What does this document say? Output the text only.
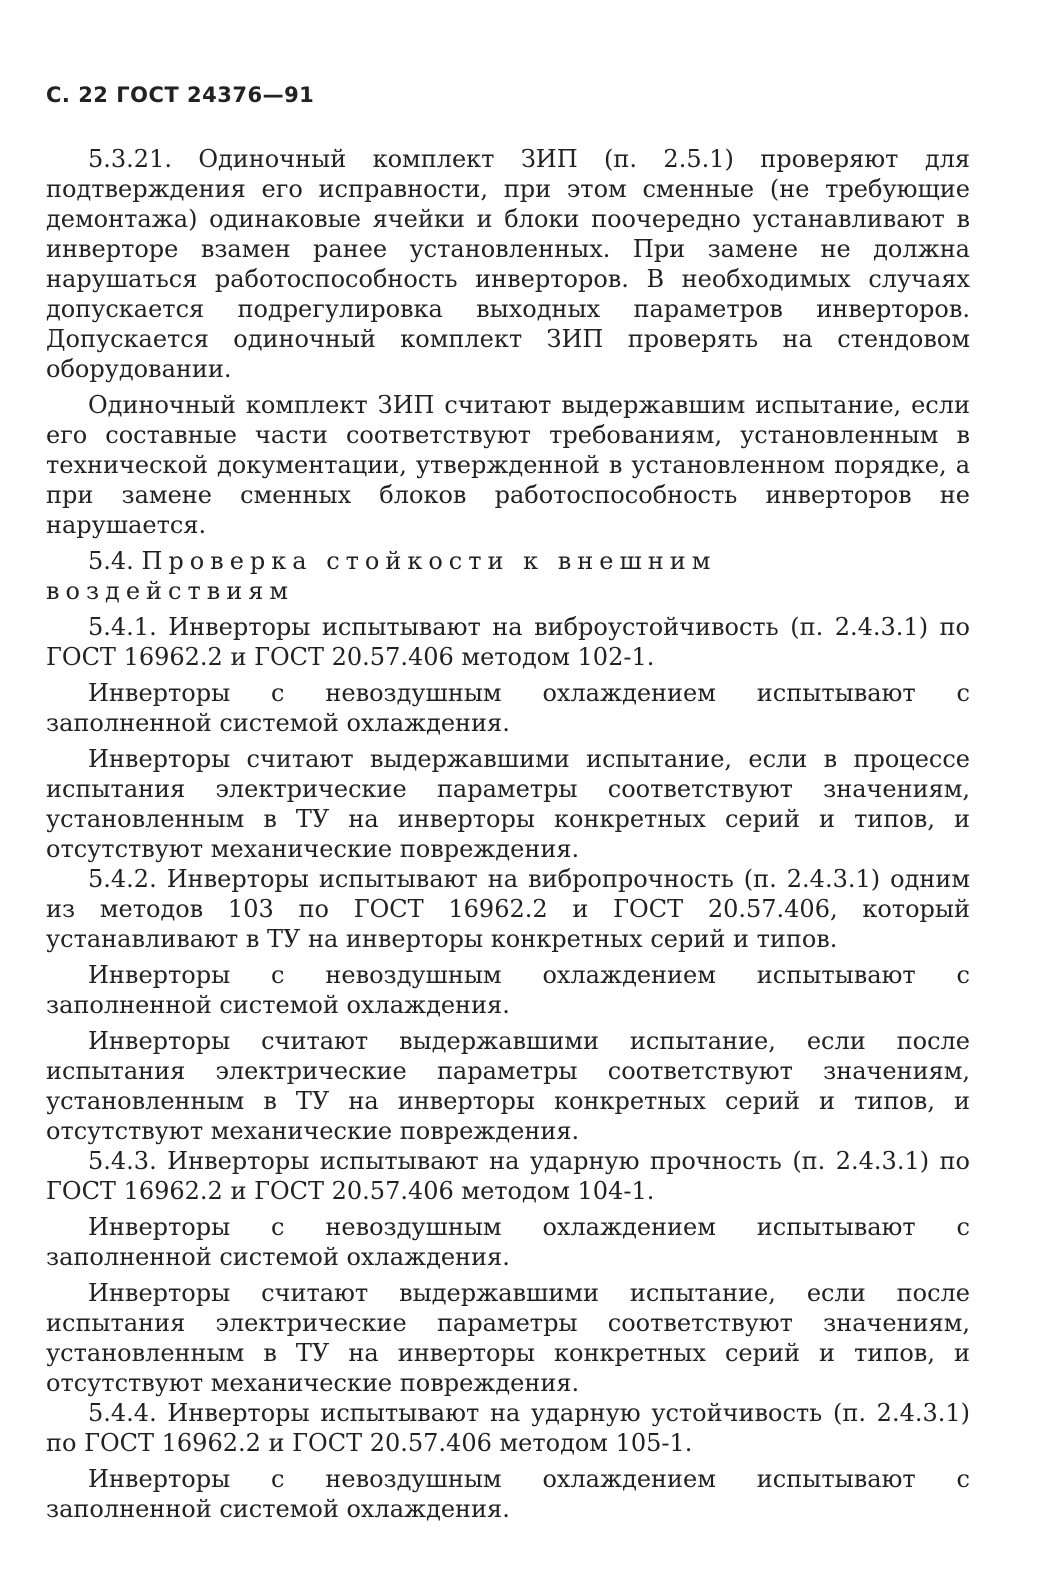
С. 22 ГОСТ 24376—91

5.3.21. Одиночный комплект ЗИП (п. 2.5.1) проверяют для подтверждения его исправности, при этом сменные (не требующие демонтажа) одинаковые ячейки и блоки поочередно устанавливают в инверторе взамен ранее установленных. При замене не должна нарушаться работоспособность инверторов. В необходимых случаях допускается подрегулировка выходных параметров инверторов. Допускается одиночный комплект ЗИП проверять на стендовом оборудовании.

Одиночный комплект ЗИП считают выдержавшим испытание, если его составные части соответствуют требованиям, установленным в технической документации, утвержденной в установленном порядке, а при замене сменных блоков работоспособность инверторов не нарушается.

5.4. Проверка стойкости к внешним воздействиям

5.4.1. Инверторы испытывают на виброустойчивость (п. 2.4.3.1) по ГОСТ 16962.2 и ГОСТ 20.57.406 методом 102-1.

Инверторы с невоздушным охлаждением испытывают с заполненной системой охлаждения.

Инверторы считают выдержавшими испытание, если в процессе испытания электрические параметры соответствуют значениям, установленным в ТУ на инверторы конкретных серий и типов, и отсутствуют механические повреждения.

5.4.2. Инверторы испытывают на вибропрочность (п. 2.4.3.1) одним из методов 103 по ГОСТ 16962.2 и ГОСТ 20.57.406, который устанавливают в ТУ на инверторы конкретных серий и типов.

Инверторы с невоздушным охлаждением испытывают с заполненной системой охлаждения.

Инверторы считают выдержавшими испытание, если после испытания электрические параметры соответствуют значениям, установленным в ТУ на инверторы конкретных серий и типов, и отсутствуют механические повреждения.

5.4.3. Инверторы испытывают на ударную прочность (п. 2.4.3.1) по ГОСТ 16962.2 и ГОСТ 20.57.406 методом 104-1.

Инверторы с невоздушным охлаждением испытывают с заполненной системой охлаждения.

Инверторы считают выдержавшими испытание, если после испытания электрические параметры соответствуют значениям, установленным в ТУ на инверторы конкретных серий и типов, и отсутствуют механические повреждения.

5.4.4. Инверторы испытывают на ударную устойчивость (п. 2.4.3.1) по ГОСТ 16962.2 и ГОСТ 20.57.406 методом 105-1.

Инверторы с невоздушным охлаждением испытывают с заполненной системой охлаждения.
